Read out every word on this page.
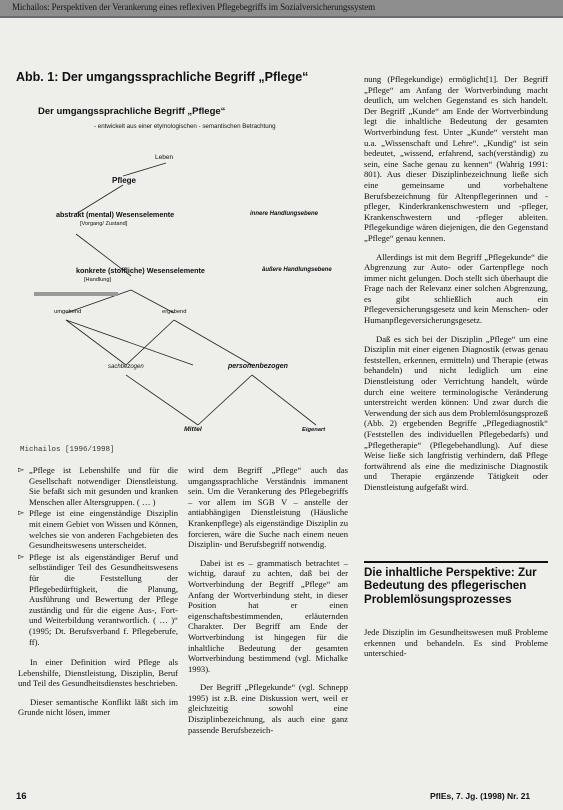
Michailos: Perspektiven der Verankerung eines reflexiven Pflegebegriffs im Sozialversicherungssystem
Abb. 1: Der umgangssprachliche Begriff „Pflege“
Der umgangssprachliche Begriff „Pflege“
- entwickelt aus einer etymologischen - semantischen Betrachtung
Leben
Pflege
abstrakt (mental) Wesenselemente	innere Handlungsebene
[Vorgang/ Zustand]
konkrete (stoffliche) Wesenselemente	äußere Handlungsebene
[Handlung]
umgebend	ergebend
sachbezogen	personenbezogen
Mittel	Eigenart
Michailos [1996/1998]

▻ „Pflege ist Lebenshilfe und für die Gesellschaft notwendiger Dienstleistung. Sie befaßt sich mit gesunden und kranken Menschen aller Altersgruppen. ( … )

▻ Pflege ist eine eingenständige Disziplin mit einem Gebiet von Wissen und Können, welches sie von anderen Fachgebieten des Gesundheitswesens unterscheidet.

▻ Pflege ist als eigenständiger Beruf und selbständiger Teil des Gesundheitswesens für die Feststellung der Pflegebedürftigkeit, die Planung, Ausführung und Bewertung der Pflege zuständig und für die eigene Aus-, Fort- und Weiterbildung verantwortlich. ( … )“ (1995; Dt. Berufsverband f. Pflegeberufe, ff).

In einer Definition wird Pflege als Lebenshilfe, Dienstleistung, Disziplin, Beruf und Teil des Gesundheitsdienstes beschrieben.

Dieser semantische Konflikt läßt sich im Grunde nicht lösen, immer

wird dem Begriff „Pflege“ auch das umgangssprachliche Verständnis immanent sein. Um die Verankerung des Pflegebegriffs – vor allem im SGB V – anstelle der antiabhängigen Dienstleistung (Häusliche Krankenpflege) als eigenständige Disziplin zu forcieren, wäre die Suche nach einem neuen Disziplin- und Berufsbegriff notwendig.

Dabei ist es – grammatisch betrachtet – wichtig, darauf zu achten, daß bei der Wortverbindung der Begriff „Pflege“ am Anfang der Wortverbindung steht, in dieser Position hat er einen eigenschaftsbestimmenden, erläuternden Charakter. Der Begriff am Ende der Wortverbindung ist hingegen für die inhaltliche Bedeutung der gesamten Wortverbindung bestimmend (vgl. Michalke 1993).

Der Begriff „Pflegekunde“ (vgl. Schnepp 1995) ist z.B. eine Diskussion wert, weil er gleichzeitig sowohl eine Disziplinbezeichnung, als auch eine ganz passende Berufsbezeich-

nung (Pflegekundige) ermöglicht[1]. Der Begriff „Pflege“ am Anfang der Wortverbindung macht deutlich, um welchen Gegenstand es sich handelt. Der Begriff „Kunde“ am Ende der Wortverbindung legt die inhaltliche Bedeutung der gesamten Wortverbindung fest. Unter „Kunde“ versteht man u.a. „Wissenschaft und Lehre“. „Kundig“ ist sein bedeutet, „wissend, erfahrend, sach(verständig) zu sein, eine Sache genau zu kennen“ (Wahrig 1991: 801). Aus dieser Disziplinbezeichnung ließe sich eine gemeinsame und vorbehaltene Berufsbezeichnung für Altenpflegerinnen und -pfleger, Kinderkrankenschwestern und -pfleger, Krankenschwestern und -pfleger ableiten. Pflegekundige wären diejenigen, die den Gegenstand „Pflege“ genau kennen.

Allerdings ist mit dem Begriff „Pflegekunde“ die Abgrenzung zur Auto- oder Gartenpflege noch immer nicht gelungen. Doch stellt sich überhaupt die Frage nach der Relevanz einer solchen Abgrenzung, es gibt schließlich auch ein Pflegeversicherungsgesetz und kein Menschen- oder Humanpflegeversicherungsgesetz.

Daß es sich bei der Disziplin „Pflege“ um eine Disziplin mit einer eigenen Diagnostik (etwas genau feststellen, erkennen, ermitteln) und Therapie (etwas behandeln) und nicht lediglich um eine Dienstleistung oder Verrichtung handelt, würde durch eine weitere terminologische Veränderung unterstreicht werden können: Und zwar durch die Verwendung der sich aus dem Problemlösungsprozeß (Abb. 2) ergebenden Begriffe „Pflegediagnostik“ (Feststellen des individuellen Pflegebedarfs) und „Pflegetherapie“ (Pflegebehandlung). Auf diese Weise ließe sich langfristig verhindern, daß Pflege fortwährend als eine die medizinische Diagnostik und Therapie ergänzende Tätigkeit oder Dienstleistung aufgefaßt wird.

Die inhaltliche Perspektive: Zur Bedeutung des pflegerischen Problemlösungsprozesses

Jede Disziplin im Gesundheitswesen muß Probleme erkennen und behandeln. Es sind Probleme unterschied-

16	PflEs, 7. Jg. (1998) Nr. 21
